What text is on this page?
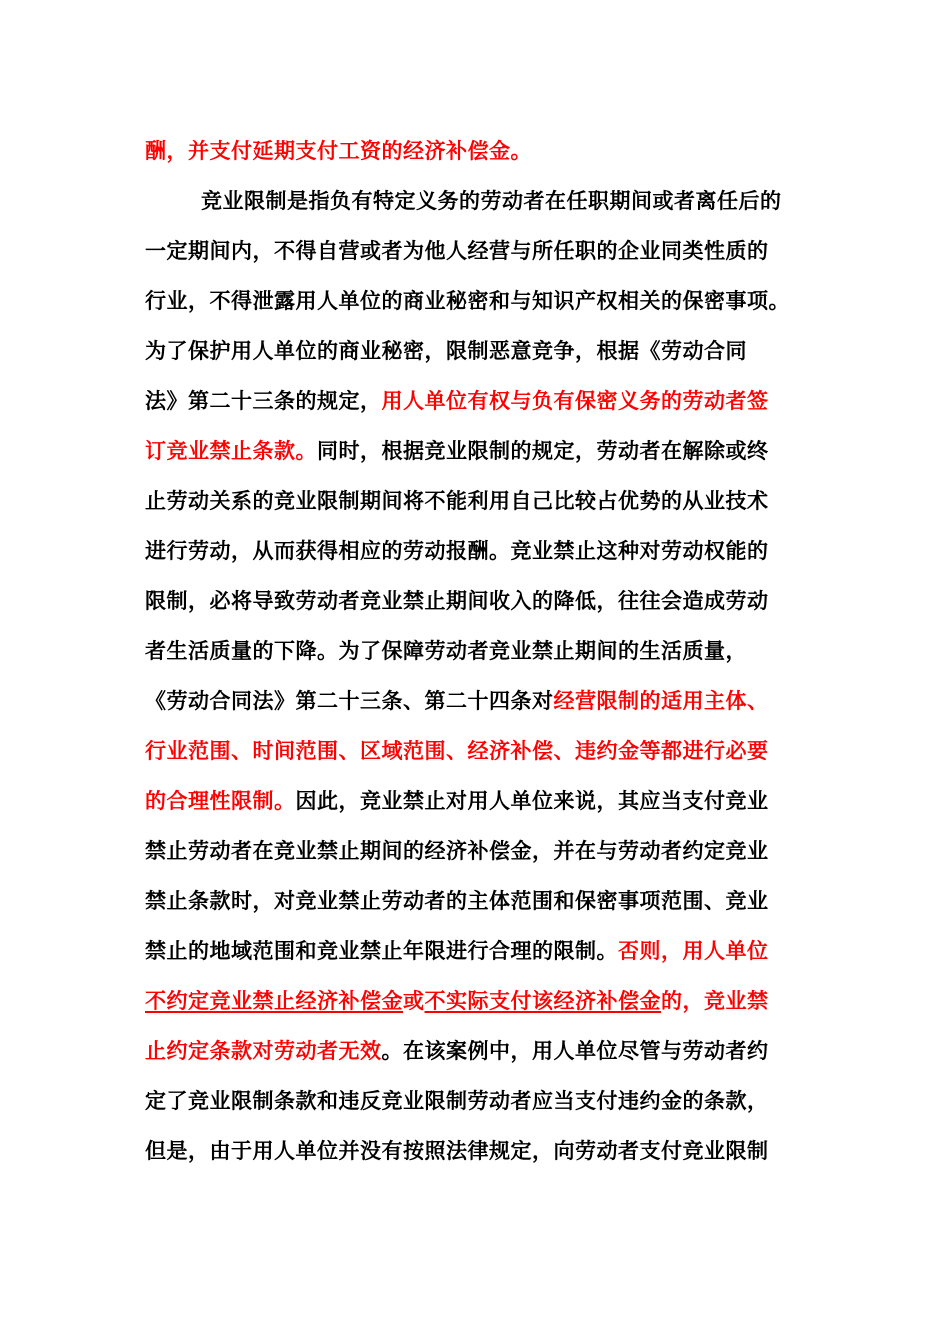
酬，并支付延期支付工资的经济补偿金。
竞业限制是指负有特定义务的劳动者在任职期间或者离任后的
一定期间内，不得自营或者为他人经营与所任职的企业同类性质的
行业，不得泄露用人单位的商业秘密和与知识产权相关的保密事项。
为了保护用人单位的商业秘密，限制恶意竞争，根据《劳动合同
法》第二十三条的规定，用人单位有权与负有保密义务的劳动者签
订竞业禁止条款。同时，根据竞业限制的规定，劳动者在解除或终
止劳动关系的竞业限制期间将不能利用自己比较占优势的从业技术
进行劳动，从而获得相应的劳动报酬。竞业禁止这种对劳动权能的
限制，必将导致劳动者竞业禁止期间收入的降低，往往会造成劳动
者生活质量的下降。为了保障劳动者竞业禁止期间的生活质量，
《劳动合同法》第二十三条、第二十四条对经营限制的适用主体、
行业范围、时间范围、区域范围、经济补偿、违约金等都进行必要
的合理性限制。因此，竞业禁止对用人单位来说，其应当支付竞业
禁止劳动者在竞业禁止期间的经济补偿金，并在与劳动者约定竞业
禁止条款时，对竞业禁止劳动者的主体范围和保密事项范围、竞业
禁止的地域范围和竞业禁止年限进行合理的限制。否则，用人单位
不约定竞业禁止经济补偿金或不实际支付该经济补偿金的，竞业禁
止约定条款对劳动者无效。在该案例中，用人单位尽管与劳动者约
定了竞业限制条款和违反竞业限制劳动者应当支付违约金的条款，
但是，由于用人单位并没有按照法律规定，向劳动者支付竞业限制
